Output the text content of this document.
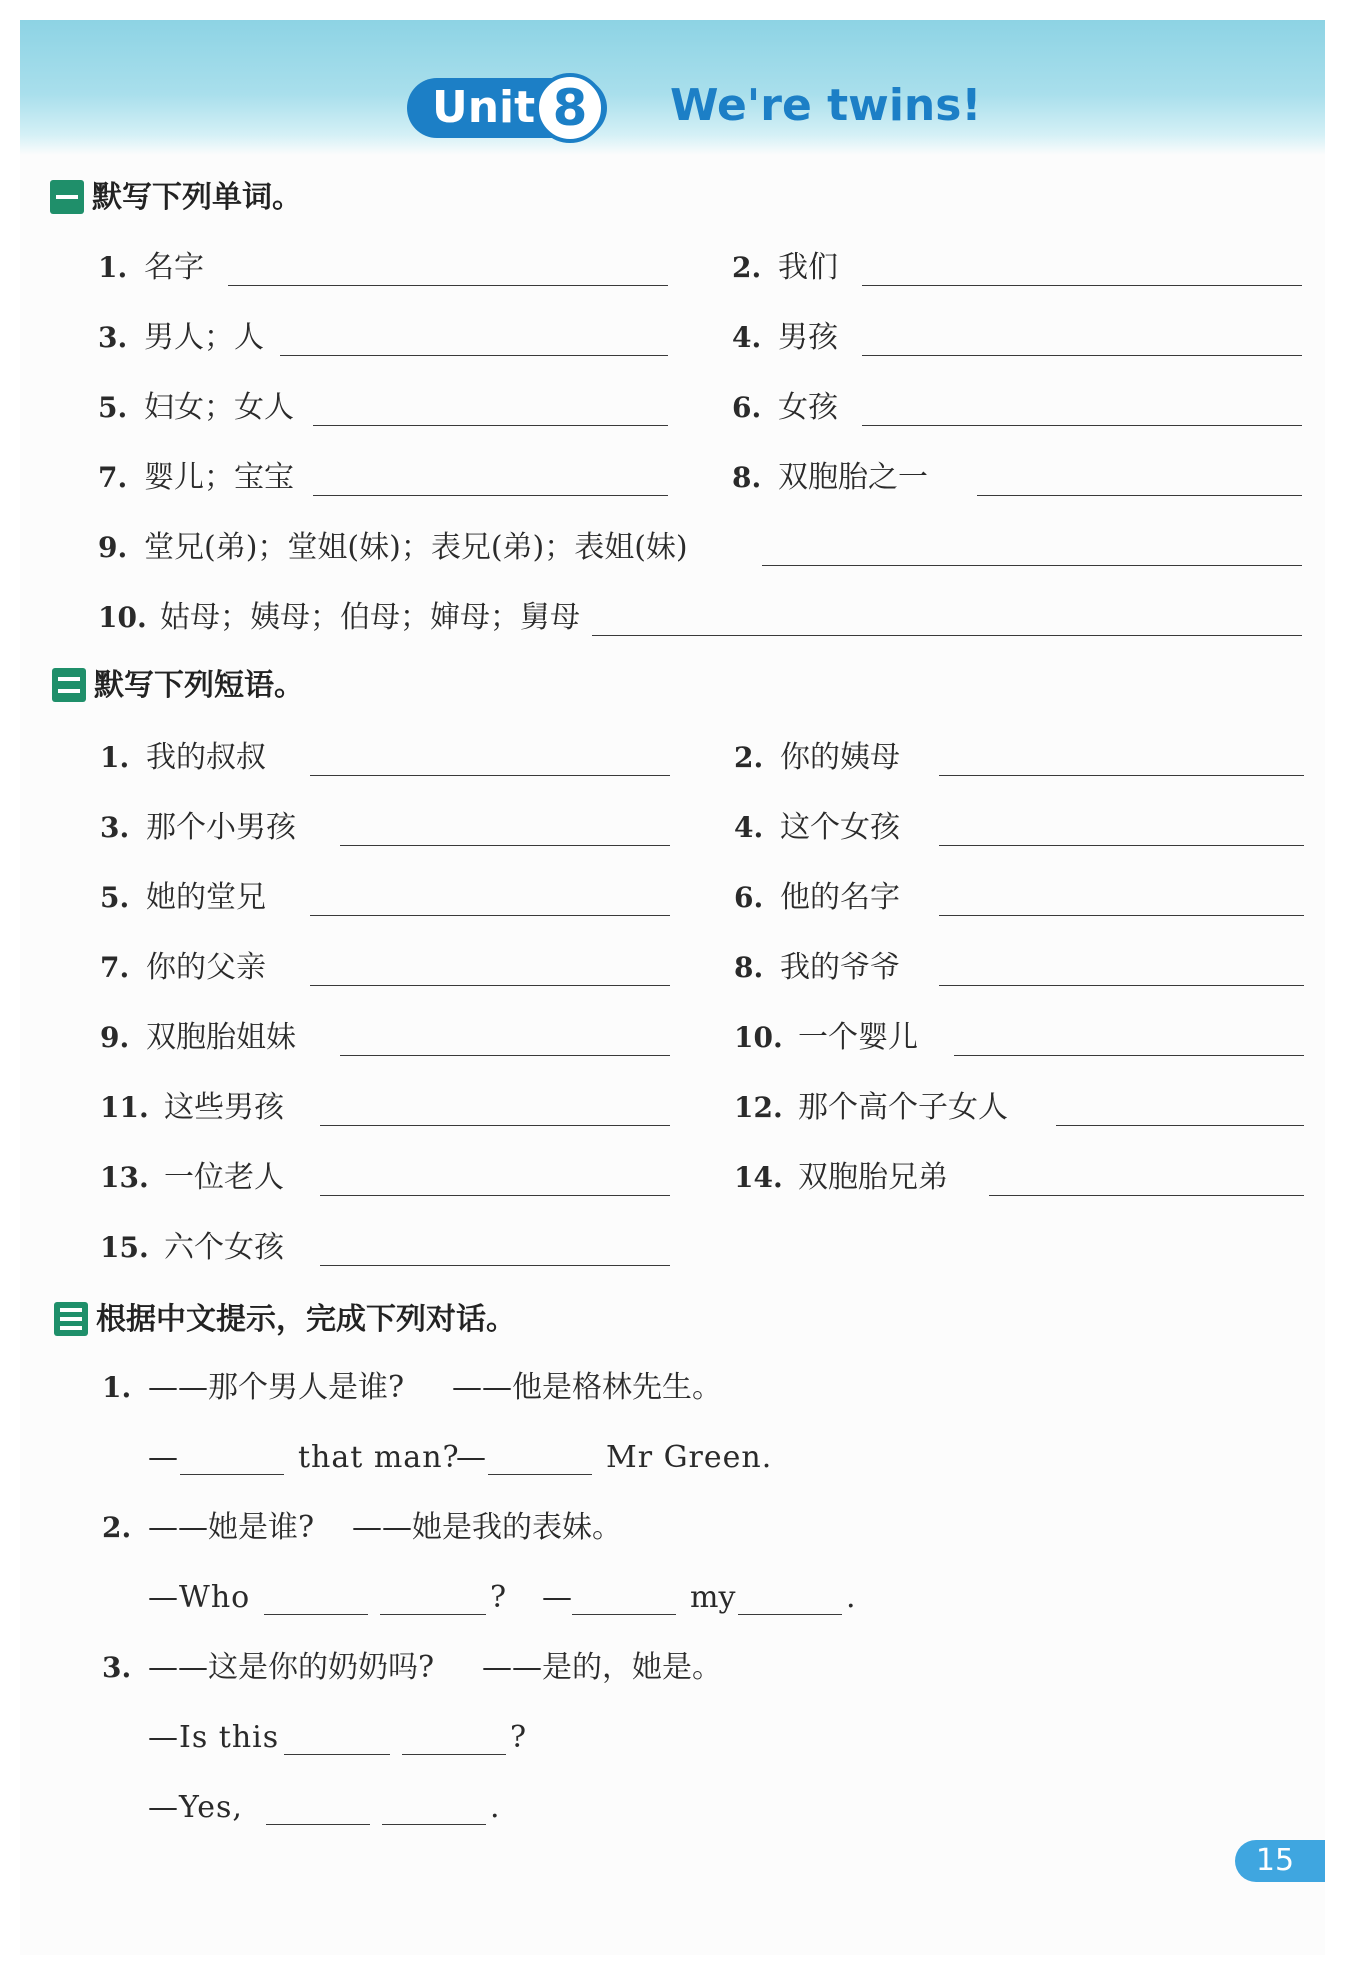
Unit 8	We're twins!
默写下列单词。
1. 名字	2. 我们
3. 男人；人	4. 男孩
5. 妇女；女人	6. 女孩
7. 婴儿；宝宝	8. 双胞胎之一
9. 堂兄(弟)；堂姐(妹)；表兄(弟)；表姐(妹)
10. 姑母；姨母；伯母；婶母；舅母
默写下列短语。
1. 我的叔叔	2. 你的姨母
3. 那个小男孩	4. 这个女孩
5. 她的堂兄	6. 他的名字
7. 你的父亲	8. 我的爷爷
9. 双胞胎姐妹	10. 一个婴儿
11. 这些男孩	12. 那个高个子女人
13. 一位老人	14. 双胞胎兄弟
15. 六个女孩
根据中文提示，完成下列对话。
1. ——那个男人是谁? ——他是格林先生。
—	that man?
—	Mr Green.
2. ——她是谁? ——她是我的表妹。
—Who	? —	my	.
3. ——这是你的奶奶吗? ——是的，她是。
—Is this	?
—Yes,	.
15
